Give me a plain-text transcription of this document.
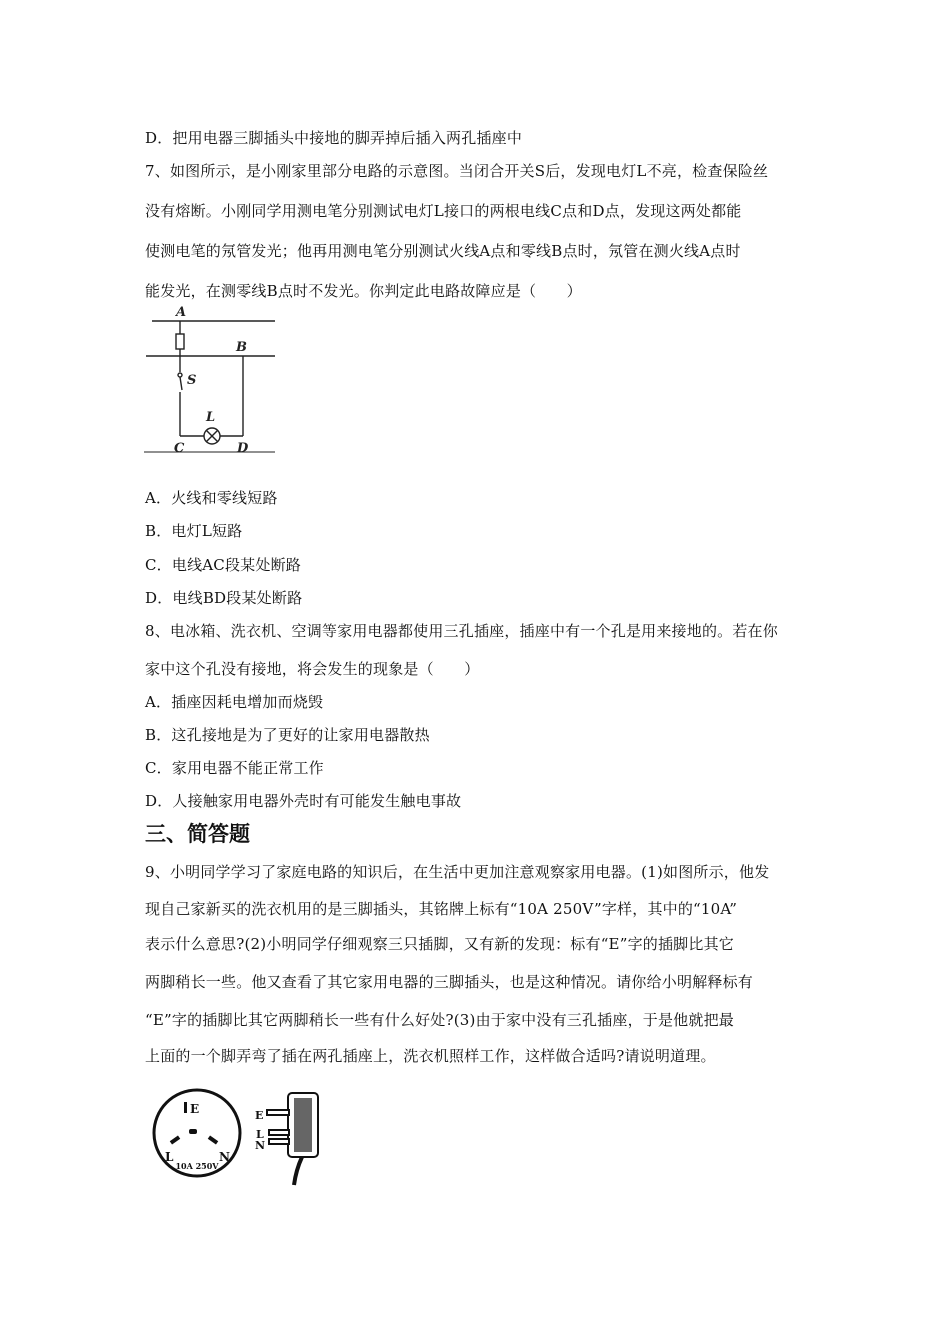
D．把用电器三脚插头中接地的脚弄掉后插入两孔插座中
7、如图所示，是小刚家里部分电路的示意图。当闭合开关S后，发现电灯L不亮，检查保险丝
没有熔断。小刚同学用测电笔分别测试电灯L接口的两根电线C点和D点，发现这两处都能
使测电笔的氖管发光；他再用测电笔分别测试火线A点和零线B点时，氖管在测火线A点时
能发光，在测零线B点时不发光。你判定此电路故障应是（　　）
A
B
S
L
C	D
A．火线和零线短路
B．电灯L短路
C．电线AC段某处断路
D．电线BD段某处断路
8、电冰箱、洗衣机、空调等家用电器都使用三孔插座，插座中有一个孔是用来接地的。若在你
家中这个孔没有接地，将会发生的现象是（　　）
A．插座因耗电增加而烧毁
B．这孔接地是为了更好的让家用电器散热
C．家用电器不能正常工作
D．人接触家用电器外壳时有可能发生触电事故
三、简答题
9、小明同学学习了家庭电路的知识后，在生活中更加注意观察家用电器。(1)如图所示，他发
现自己家新买的洗衣机用的是三脚插头，其铭牌上标有“10A 250V”字样，其中的“10A”
表示什么意思?(2)小明同学仔细观察三只插脚，又有新的发现：标有“E”字的插脚比其它
两脚稍长一些。他又查看了其它家用电器的三脚插头，也是这种情况。请你给小明解释标有
“E”字的插脚比其它两脚稍长一些有什么好处?(3)由于家中没有三孔插座，于是他就把最
上面的一个脚弄弯了插在两孔插座上，洗衣机照样工作，这样做合适吗?请说明道理。
E
L	N
10A 250V
E
L
N
